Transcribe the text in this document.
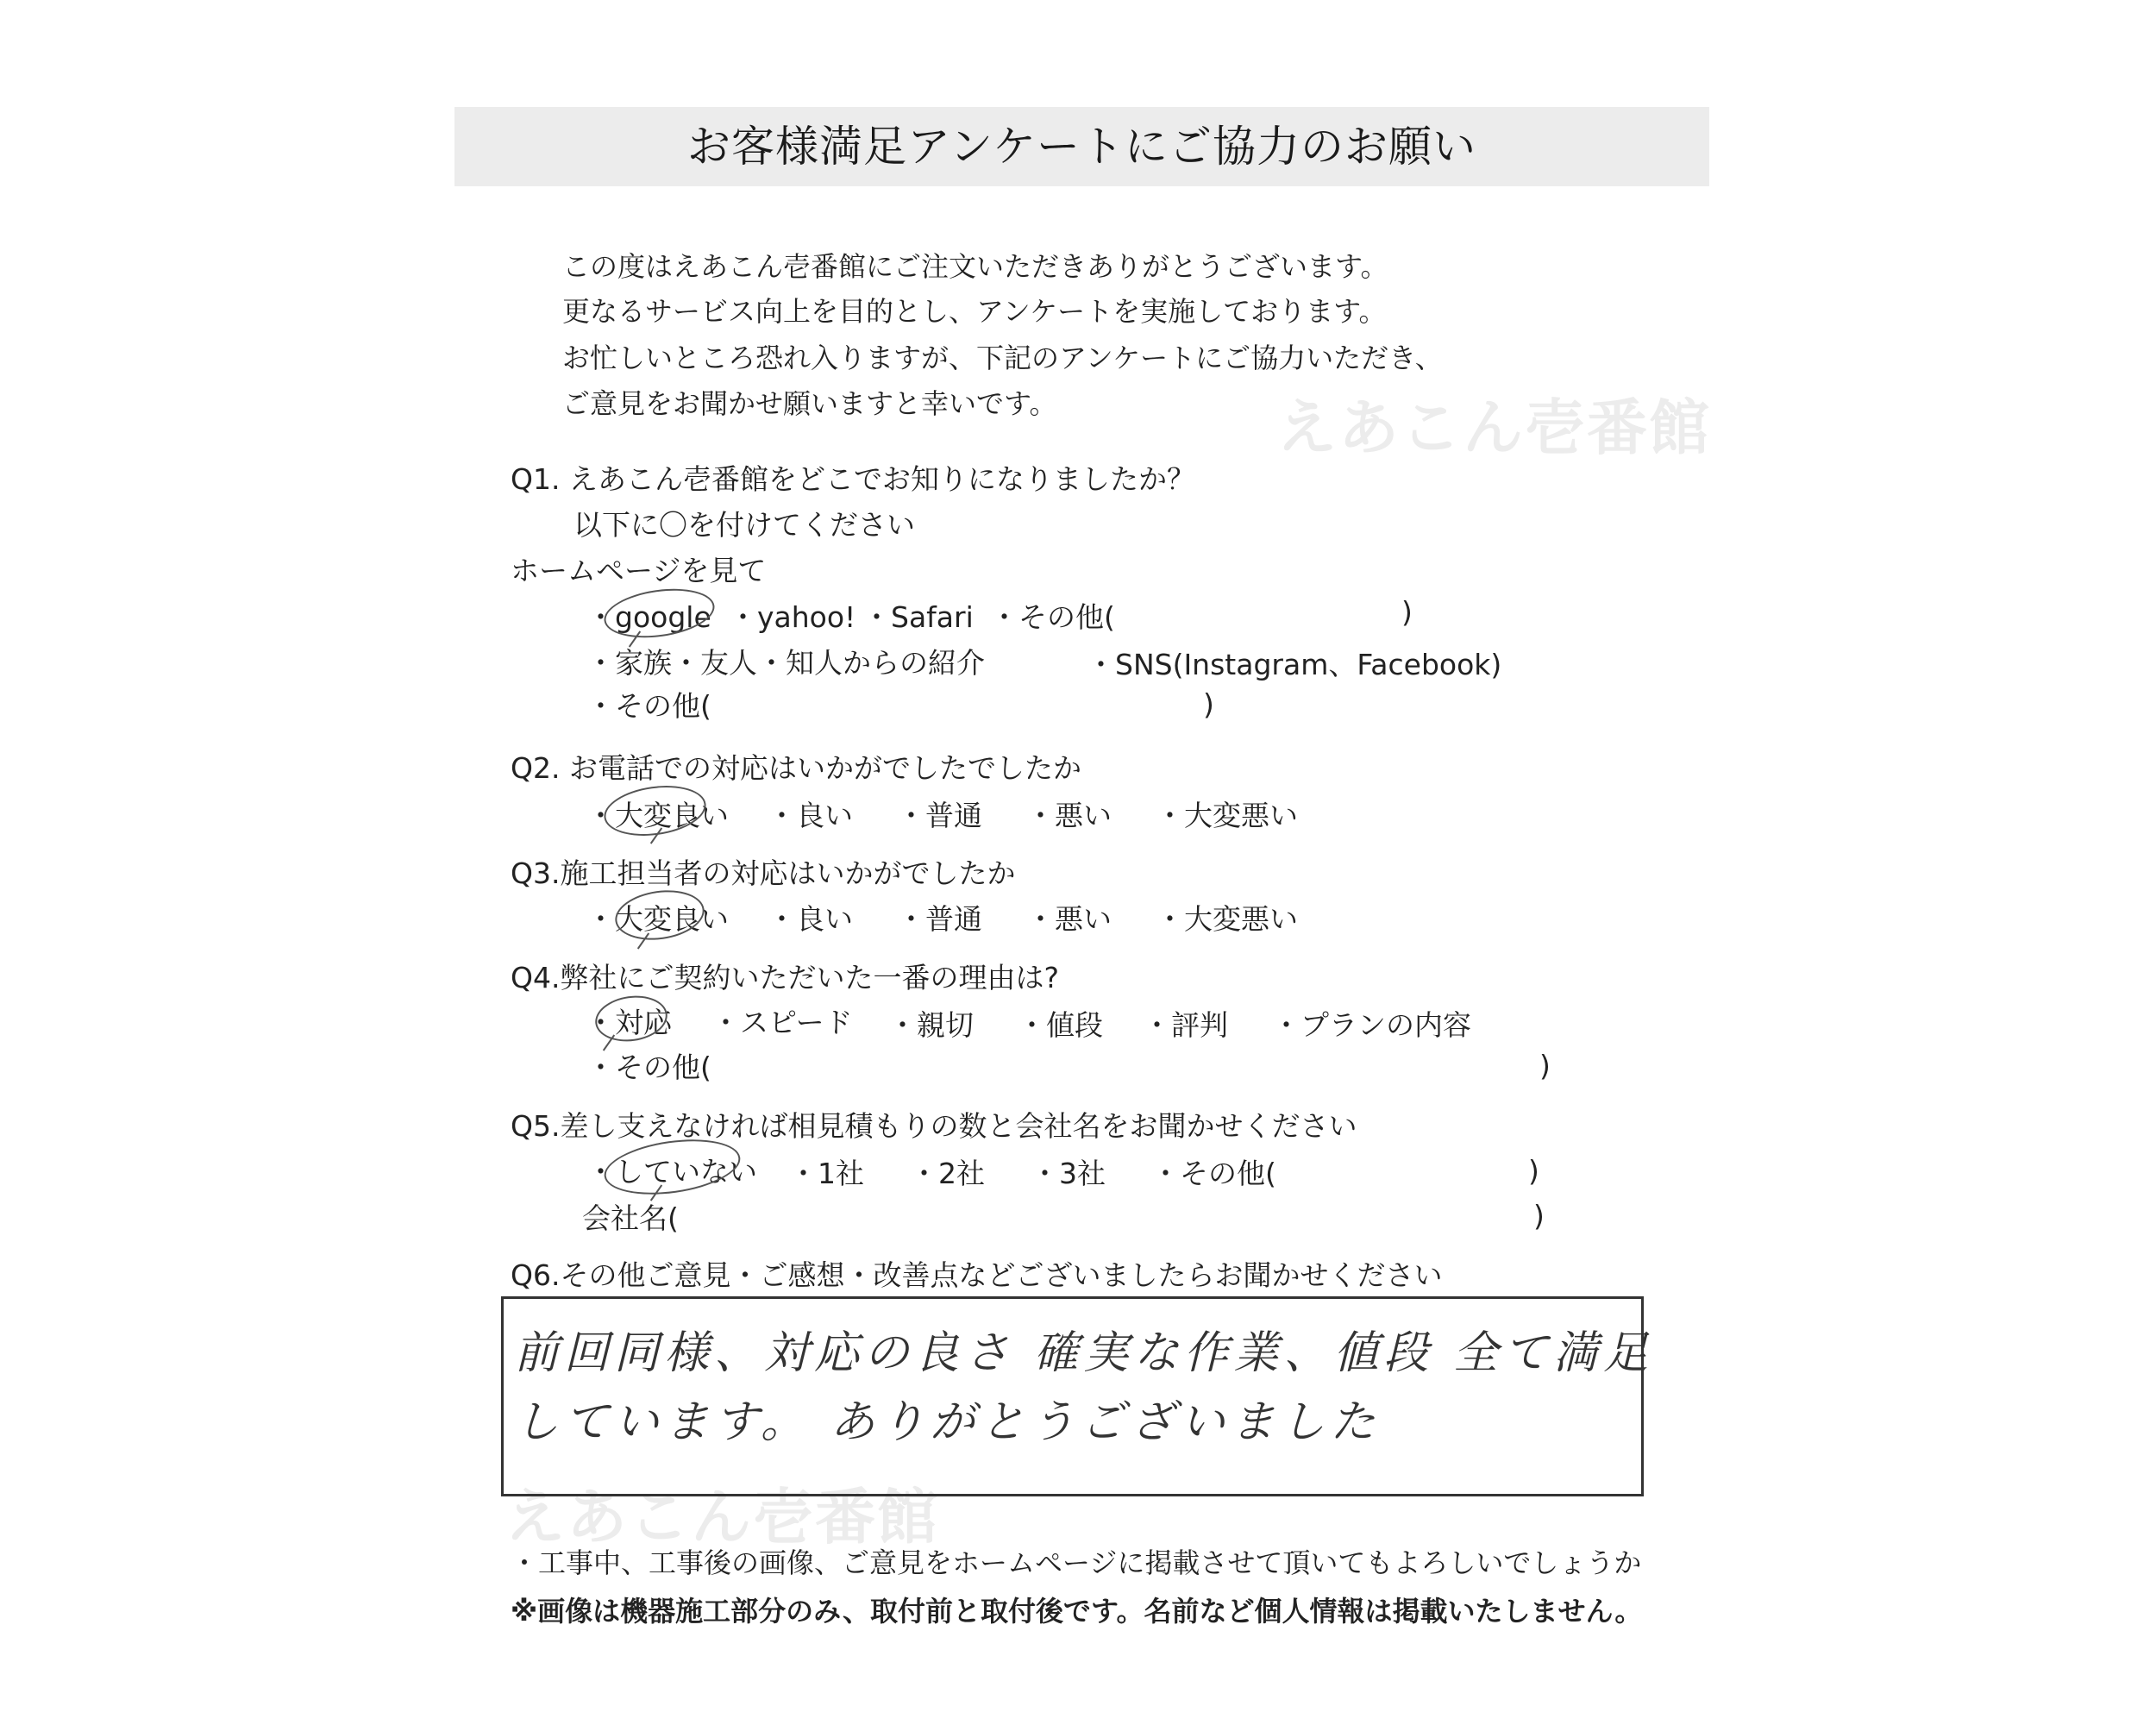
お客様満足アンケートにご協力のお願い
この度はえあこん壱番館にご注文いただきありがとうございます。
更なるサービス向上を目的とし、アンケートを実施しております。
お忙しいところ恐れ入りますが、下記のアンケートにご協力いただき、
ご意見をお聞かせ願いますと幸いです。	えあこん壱番館
えあこん壱番館
Q1. えあこん壱番館をどこでお知りになりましたか？
以下に〇を付けてください
ホームページを見て
・google ・yahoo! ・Safari ・その他(	)
・家族・友人・知人からの紹介	・SNS(Instagram、Facebook)
・その他(	)
Q2. お電話での対応はいかがでしたでしたか
・大変良い ・良い ・普通 ・悪い ・大変悪い
Q3.施工担当者の対応はいかがでしたか
・大変良い ・良い ・普通 ・悪い ・大変悪い
Q4.弊社にご契約いただいた一番の理由は?
・対応 ・スピード ・親切 ・値段 ・評判 ・プランの内容
・その他(	)
Q5.差し支えなければ相見積もりの数と会社名をお聞かせください
・していない ・1社 ・2社 ・3社 ・その他(	)
会社名(	)
Q6.その他ご意見・ご感想・改善点などございましたらお聞かせください
前回同様、対応の良さ 確実な作業、値段 全て満足
しています。 ありがとうございました
・工事中、工事後の画像、ご意見をホームページに掲載させて頂いてもよろしいでしょうか
※画像は機器施工部分のみ、取付前と取付後です。名前など個人情報は掲載いたしません。
